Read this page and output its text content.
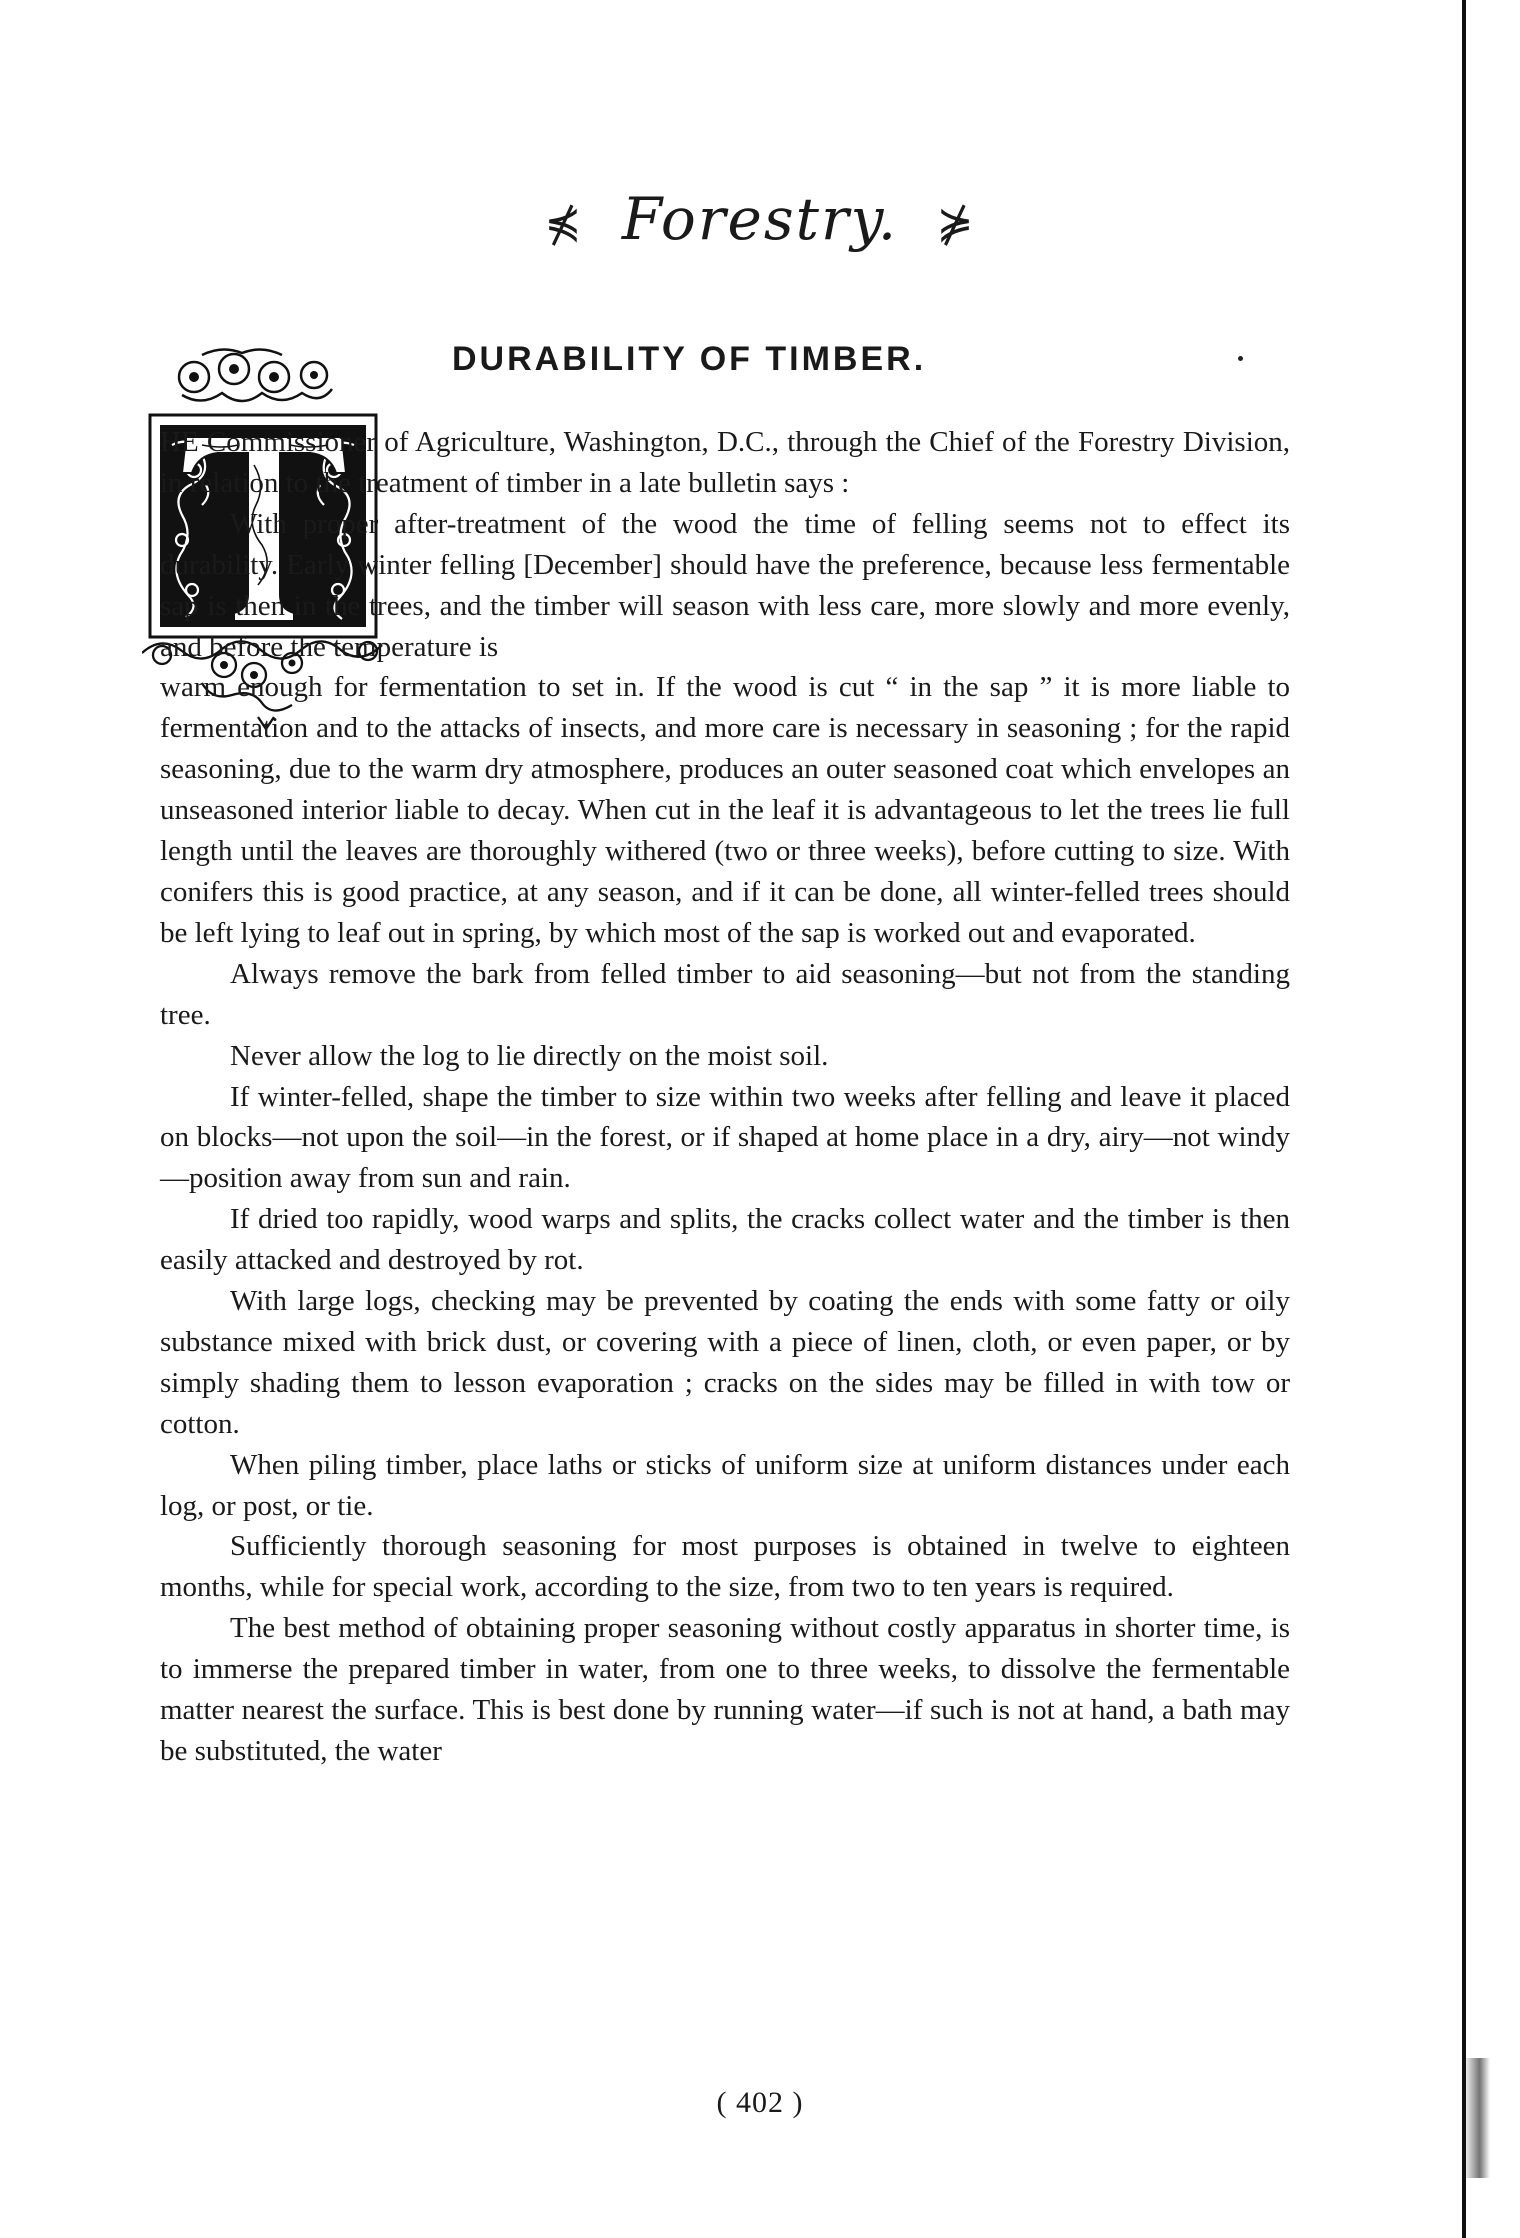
⋠ Forestry. ⋡
DURABILITY OF TIMBER.

HE Commissioner of Agriculture, Washington, D.C., through the Chief of the Forestry Division, in relation to the treatment of timber in a late bulletin says :

With proper after-treatment of the wood the time of felling seems not to effect its durability. Early winter felling [December] should have the preference, because less fermentable sap is then in the trees, and the timber will season with less care, more slowly and more evenly, and before the temperature is

warm enough for fermentation to set in. If the wood is cut “ in the sap ” it is more liable to fermentation and to the attacks of insects, and more care is necessary in seasoning ; for the rapid seasoning, due to the warm dry atmosphere, produces an outer seasoned coat which envelopes an unseasoned interior liable to decay. When cut in the leaf it is advantageous to let the trees lie full length until the leaves are thoroughly withered (two or three weeks), before cutting to size. With conifers this is good practice, at any season, and if it can be done, all winter-felled trees should be left lying to leaf out in spring, by which most of the sap is worked out and evaporated.

Always remove the bark from felled timber to aid seasoning—but not from the standing tree.

Never allow the log to lie directly on the moist soil.

If winter-felled, shape the timber to size within two weeks after felling and leave it placed on blocks—not upon the soil—in the forest, or if shaped at home place in a dry, airy—not windy—position away from sun and rain.

If dried too rapidly, wood warps and splits, the cracks collect water and the timber is then easily attacked and destroyed by rot.

With large logs, checking may be prevented by coating the ends with some fatty or oily substance mixed with brick dust, or covering with a piece of linen, cloth, or even paper, or by simply shading them to lesson evaporation ; cracks on the sides may be filled in with tow or cotton.

When piling timber, place laths or sticks of uniform size at uniform distances under each log, or post, or tie.

Sufficiently thorough seasoning for most purposes is obtained in twelve to eighteen months, while for special work, according to the size, from two to ten years is required.

The best method of obtaining proper seasoning without costly apparatus in shorter time, is to immerse the prepared timber in water, from one to three weeks, to dissolve the fermentable matter nearest the surface. This is best done by running water—if such is not at hand, a bath may be substituted, the water

( 402 )
